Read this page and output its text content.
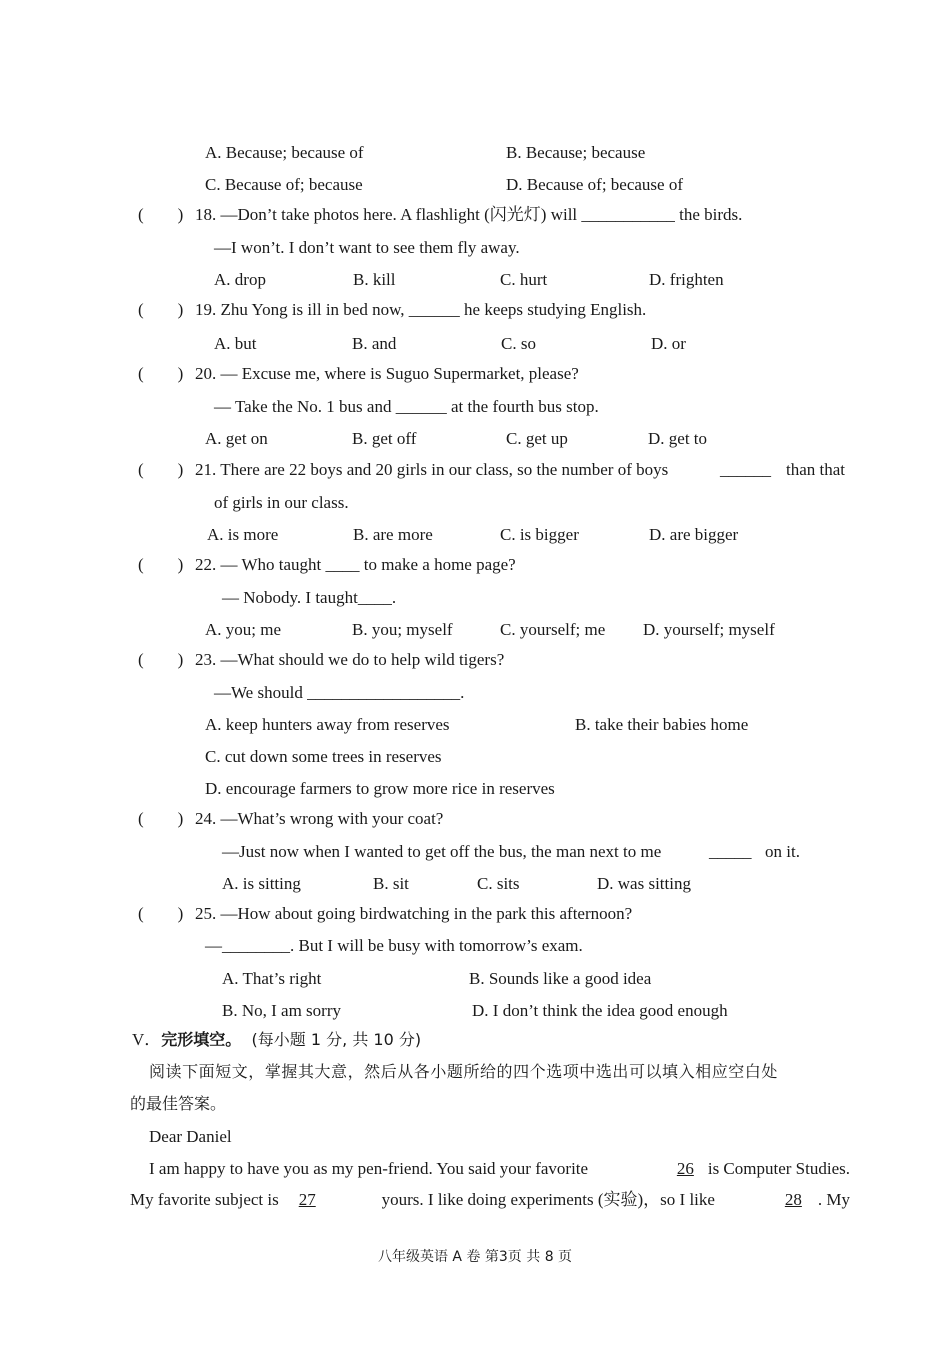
A. Because; because of	B. Because; because
C. Because of; because	D. Because of; because of
(　　) 18. —Don’t take photos here. A flashlight (闪光灯) will ___________ the birds.
—I won’t. I don’t want to see them fly away.
A. drop	B. kill	C. hurt	D. frighten
(　　) 19. Zhu Yong is ill in bed now, ______ he keeps studying English.
A. but	B. and	C. so	D. or
(　　) 20. — Excuse me, where is Suguo Supermarket, please?
— Take the No. 1 bus and ______ at the fourth bus stop.
A. get on	B. get off	C. get up	D. get to
(　　) 21. There are 22 boys and 20 girls in our class, so the number of boys	______ than that
of girls in our class.
A. is more	B. are more	C. is bigger	D. are bigger
(　　) 22. — Who taught ____ to make a home page?
— Nobody. I taught____.
A. you; me	B. you; myself	C. yourself; me D. yourself; myself
(　　) 23. —What should we do to help wild tigers?
—We should __________________.
A. keep hunters away from reserves	B. take their babies home
C. cut down some trees in reserves
D. encourage farmers to grow more rice in reserves
(　　) 24. —What’s wrong with your coat?
—Just now when I wanted to get off the bus, the man next to me	_____ on it.
A. is sitting	B. sit	C. sits	D. was sitting
(　　) 25. —How about going birdwatching in the park this afternoon?
—________. But I will be busy with tomorrow’s exam.
A. That’s right	B. Sounds like a good idea
B. No, I am sorry	D. I don’t think the idea good enough
V．完形填空。 (每小题 1 分, 共 10 分)
阅读下面短文，掌握其大意，然后从各小题所给的四个选项中选出可以填入相应空白处
的最佳答案。
Dear Daniel
I am happy to have you as my pen-friend. You said your favorite	26 is Computer Studies.
My favorite subject is	27	yours. I like doing experiments (实验)，so I like	28 . My
八年级英语 A 卷 第3页 共 8 页
